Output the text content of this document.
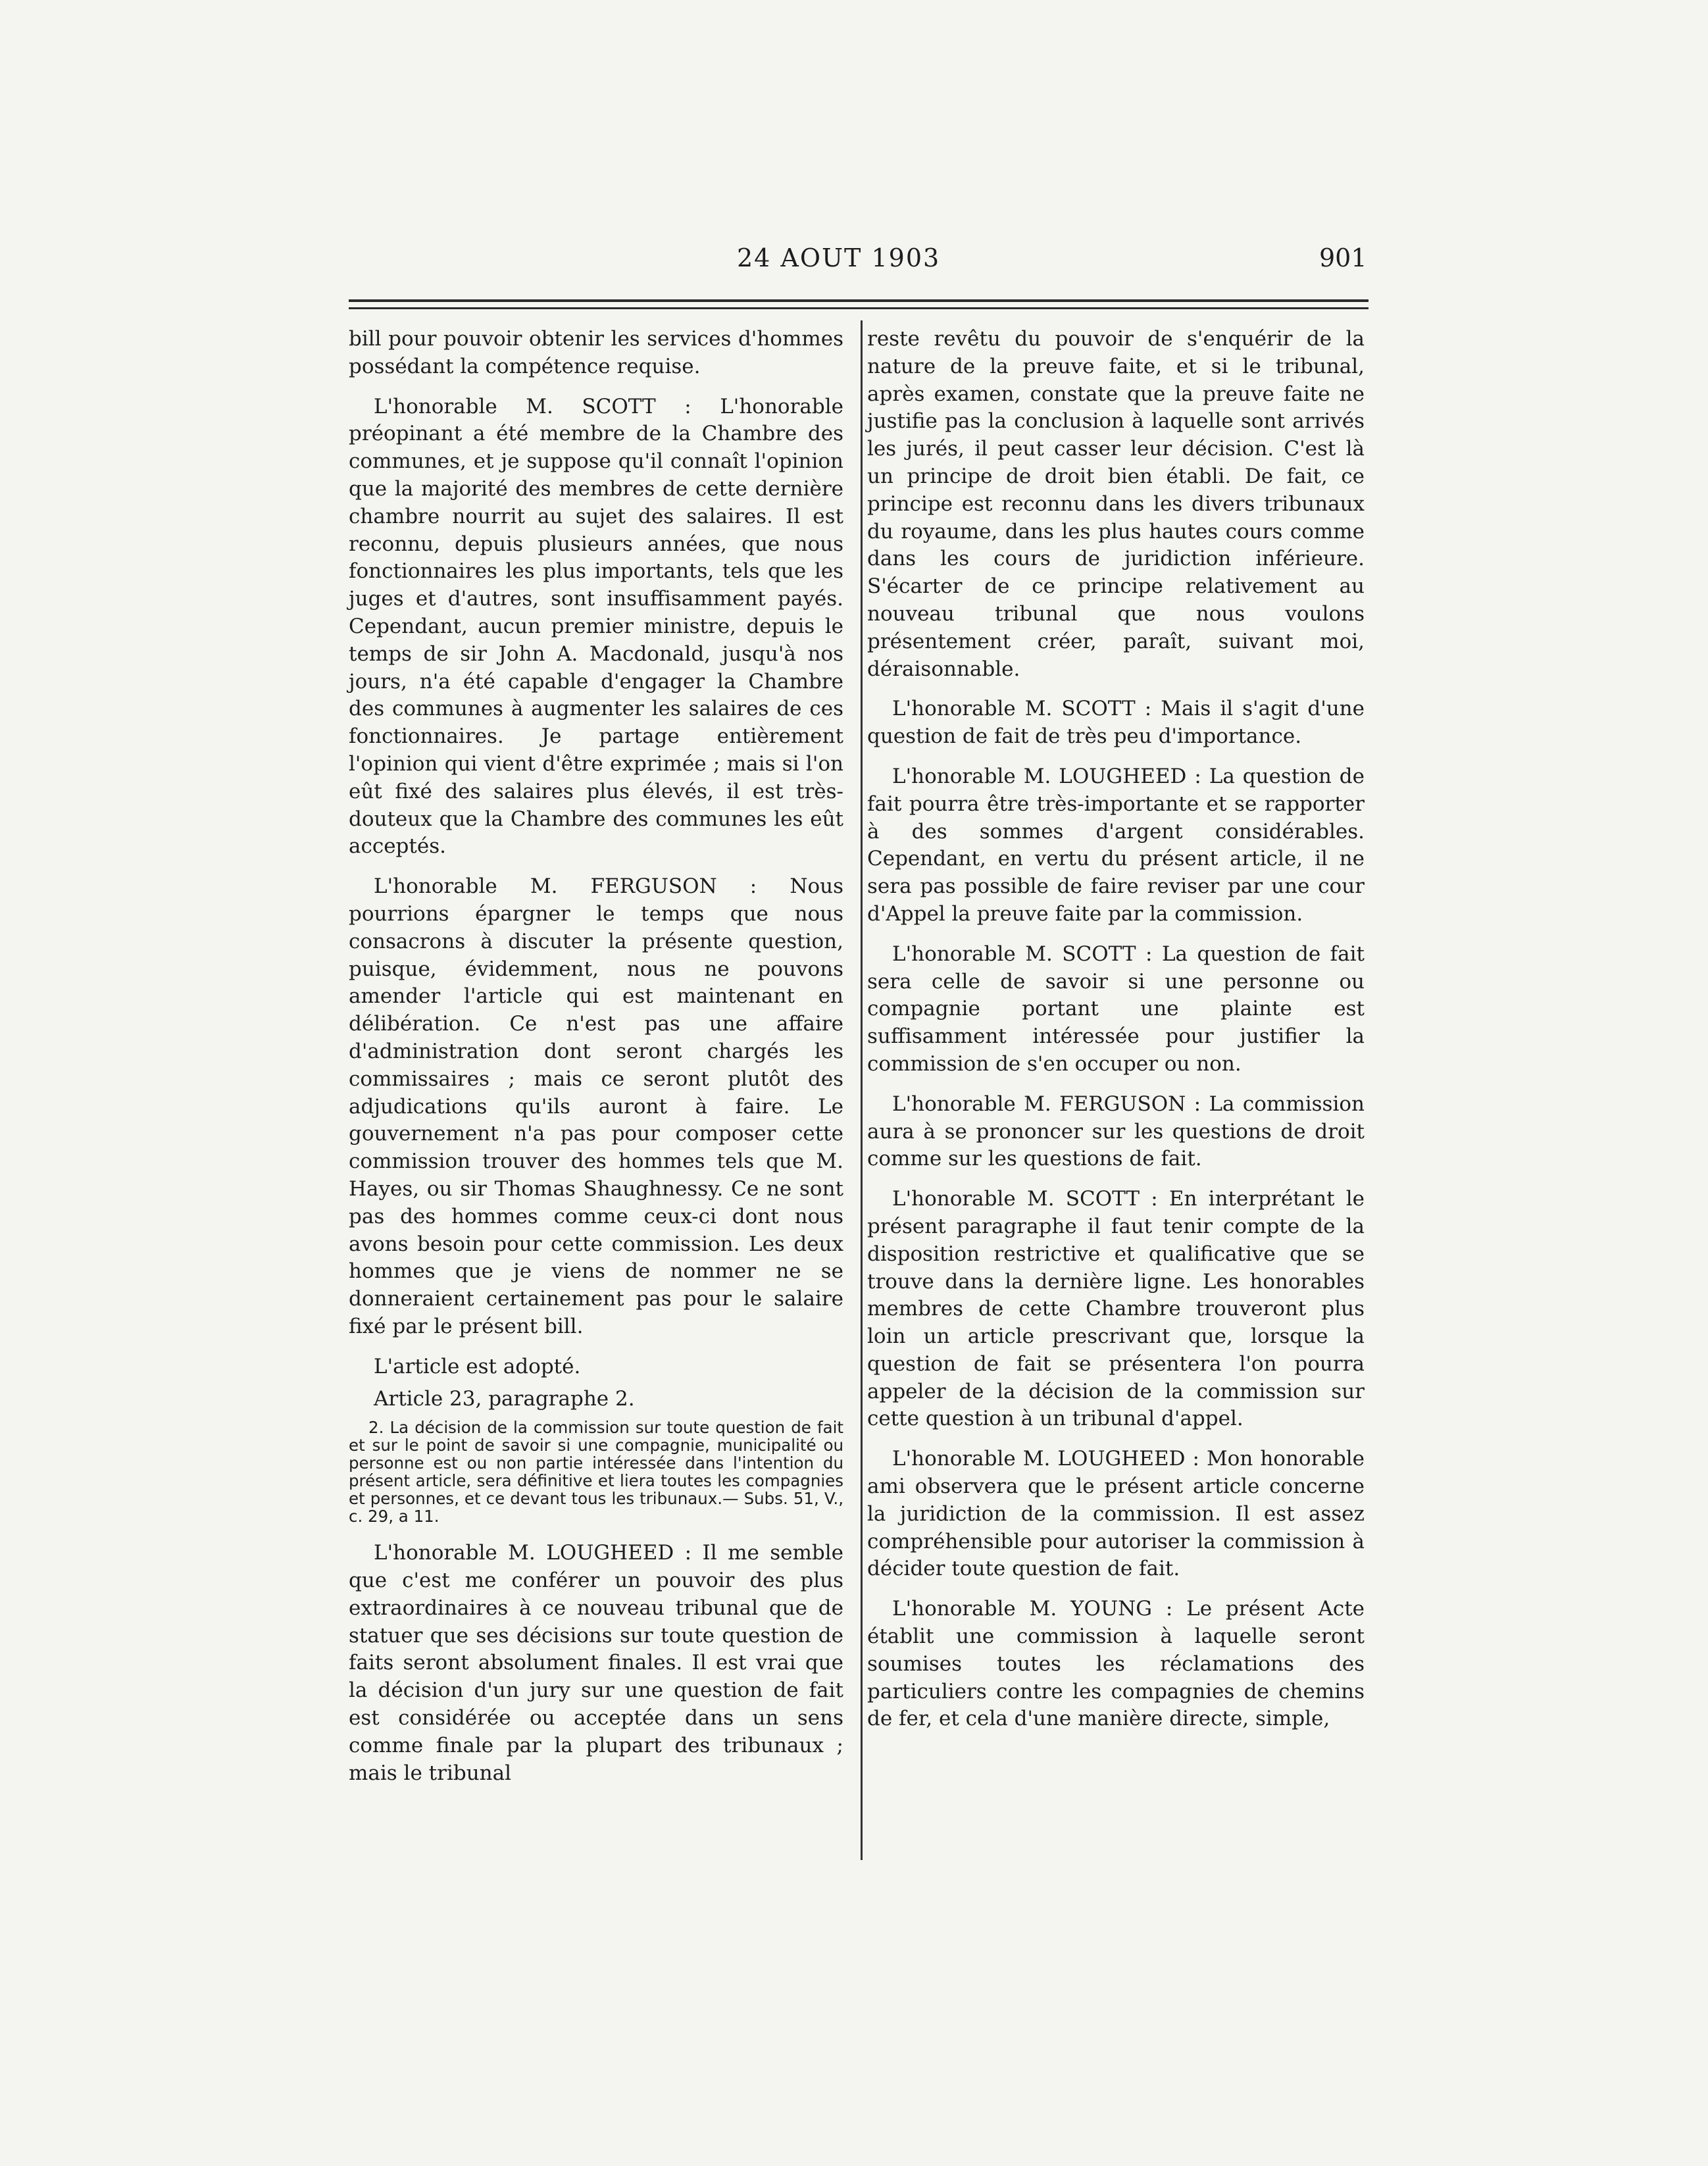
24 AOUT 1903	901

bill pour pouvoir obtenir les services d'hommes possédant la compétence requise.

L'honorable M. SCOTT : L'honorable préopinant a été membre de la Chambre des communes, et je suppose qu'il connaît l'opinion que la majorité des membres de cette dernière chambre nourrit au sujet des salaires. Il est reconnu, depuis plusieurs années, que nous fonctionnaires les plus importants, tels que les juges et d'autres, sont insuffisamment payés. Cependant, aucun premier ministre, depuis le temps de sir John A. Macdonald, jusqu'à nos jours, n'a été capable d'engager la Chambre des communes à augmenter les salaires de ces fonctionnaires. Je partage entièrement l'opinion qui vient d'être exprimée ; mais si l'on eût fixé des salaires plus élevés, il est très-douteux que la Chambre des communes les eût acceptés.

L'honorable M. FERGUSON : Nous pourrions épargner le temps que nous consacrons à discuter la présente question, puisque, évidemment, nous ne pouvons amender l'article qui est maintenant en délibération. Ce n'est pas une affaire d'administration dont seront chargés les commissaires ; mais ce seront plutôt des adjudications qu'ils auront à faire. Le gouvernement n'a pas pour composer cette commission trouver des hommes tels que M. Hayes, ou sir Thomas Shaughnessy. Ce ne sont pas des hommes comme ceux-ci dont nous avons besoin pour cette commission. Les deux hommes que je viens de nommer ne se donneraient certainement pas pour le salaire fixé par le présent bill.

L'article est adopté.

Article 23, paragraphe 2.

2. La décision de la commission sur toute question de fait et sur le point de savoir si une compagnie, municipalité ou personne est ou non partie intéressée dans l'intention du présent article, sera définitive et liera toutes les compagnies et personnes, et ce devant tous les tribunaux.— Subs. 51, V., c. 29, a 11.

L'honorable M. LOUGHEED : Il me semble que c'est me conférer un pouvoir des plus extraordinaires à ce nouveau tribunal que de statuer que ses décisions sur toute question de faits seront absolument finales. Il est vrai que la décision d'un jury sur une question de fait est considérée ou acceptée dans un sens comme finale par la plupart des tribunaux ; mais le tribunal

reste revêtu du pouvoir de s'enquérir de la nature de la preuve faite, et si le tribunal, après examen, constate que la preuve faite ne justifie pas la conclusion à laquelle sont arrivés les jurés, il peut casser leur décision. C'est là un principe de droit bien établi. De fait, ce principe est reconnu dans les divers tribunaux du royaume, dans les plus hautes cours comme dans les cours de juridiction inférieure. S'écarter de ce principe relativement au nouveau tribunal que nous voulons présentement créer, paraît, suivant moi, déraisonnable.

L'honorable M. SCOTT : Mais il s'agit d'une question de fait de très peu d'importance.

L'honorable M. LOUGHEED : La question de fait pourra être très-importante et se rapporter à des sommes d'argent considérables. Cependant, en vertu du présent article, il ne sera pas possible de faire reviser par une cour d'Appel la preuve faite par la commission.

L'honorable M. SCOTT : La question de fait sera celle de savoir si une personne ou compagnie portant une plainte est suffisamment intéressée pour justifier la commission de s'en occuper ou non.

L'honorable M. FERGUSON : La commission aura à se prononcer sur les questions de droit comme sur les questions de fait.

L'honorable M. SCOTT : En interprétant le présent paragraphe il faut tenir compte de la disposition restrictive et qualificative que se trouve dans la dernière ligne. Les honorables membres de cette Chambre trouveront plus loin un article prescrivant que, lorsque la question de fait se présentera l'on pourra appeler de la décision de la commission sur cette question à un tribunal d'appel.

L'honorable M. LOUGHEED : Mon honorable ami observera que le présent article concerne la juridiction de la commission. Il est assez compréhensible pour autoriser la commission à décider toute question de fait.

L'honorable M. YOUNG : Le présent Acte établit une commission à laquelle seront soumises toutes les réclamations des particuliers contre les compagnies de chemins de fer, et cela d'une manière directe, simple,
